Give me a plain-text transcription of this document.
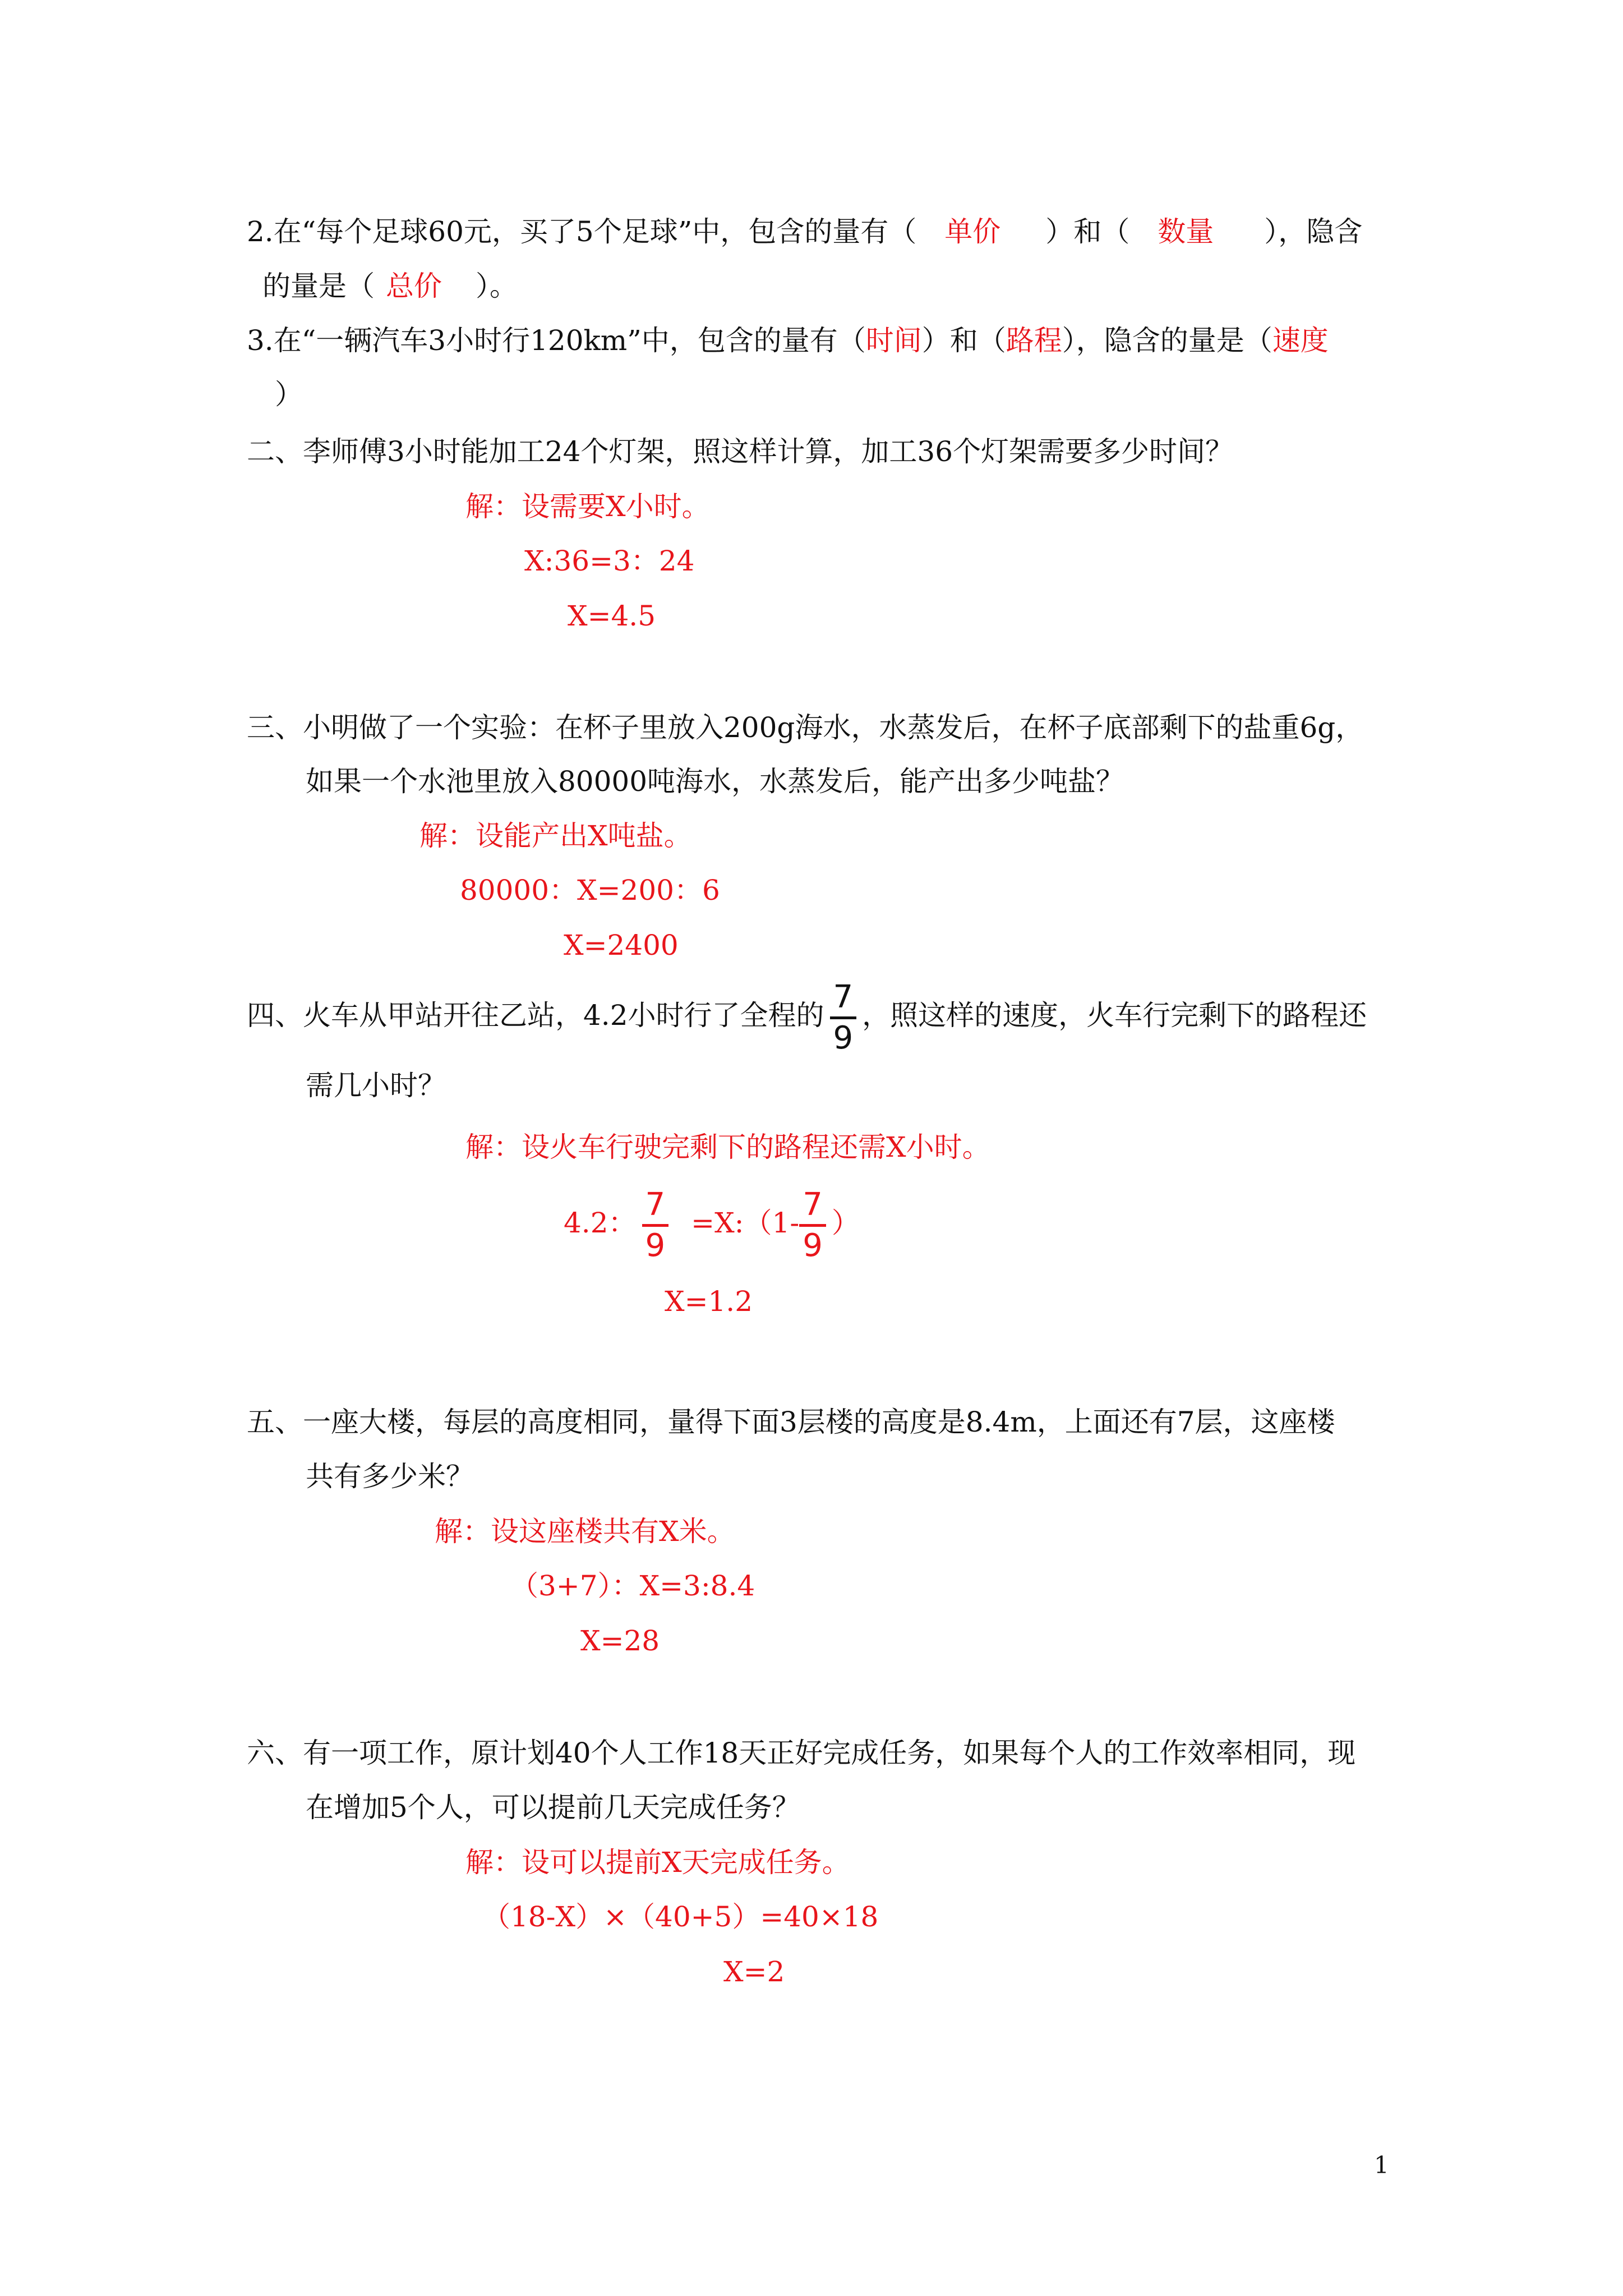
2.在“每个足球60元，买了5个足球”中，包含的量有（ 单价 ）和（ 数量 ），隐含
的量是（ 总价 ）。
3.在“一辆汽车3小时行120km”中，包含的量有（时间）和（路程），隐含的量是（速度
）
二、李师傅3小时能加工24个灯架，照这样计算，加工36个灯架需要多少时间？
解：设需要X小时。
X:36=3：24
X=4.5
三、小明做了一个实验：在杯子里放入200g海水，水蒸发后，在杯子底部剩下的盐重6g，
如果一个水池里放入80000吨海水，水蒸发后，能产出多少吨盐？
解：设能产出X吨盐。
80000：X=200：6
X=2400
四、火车从甲站开往乙站，4.2小时行了全程的
7
9
，照这样的速度，火车行完剩下的路程还
需几小时？
解：设火车行驶完剩下的路程还需X小时。
4.2：
7
9
=X:（1-
7
9
）
X=1.2
五、一座大楼，每层的高度相同，量得下面3层楼的高度是8.4m，上面还有7层，这座楼
共有多少米？
解：设这座楼共有X米。
（3+7）：X=3:8.4
X=28
六、有一项工作，原计划40个人工作18天正好完成任务，如果每个人的工作效率相同，现
在增加5个人，可以提前几天完成任务？
解：设可以提前X天完成任务。
（18-X）×（40+5）=40×18
X=2
1
